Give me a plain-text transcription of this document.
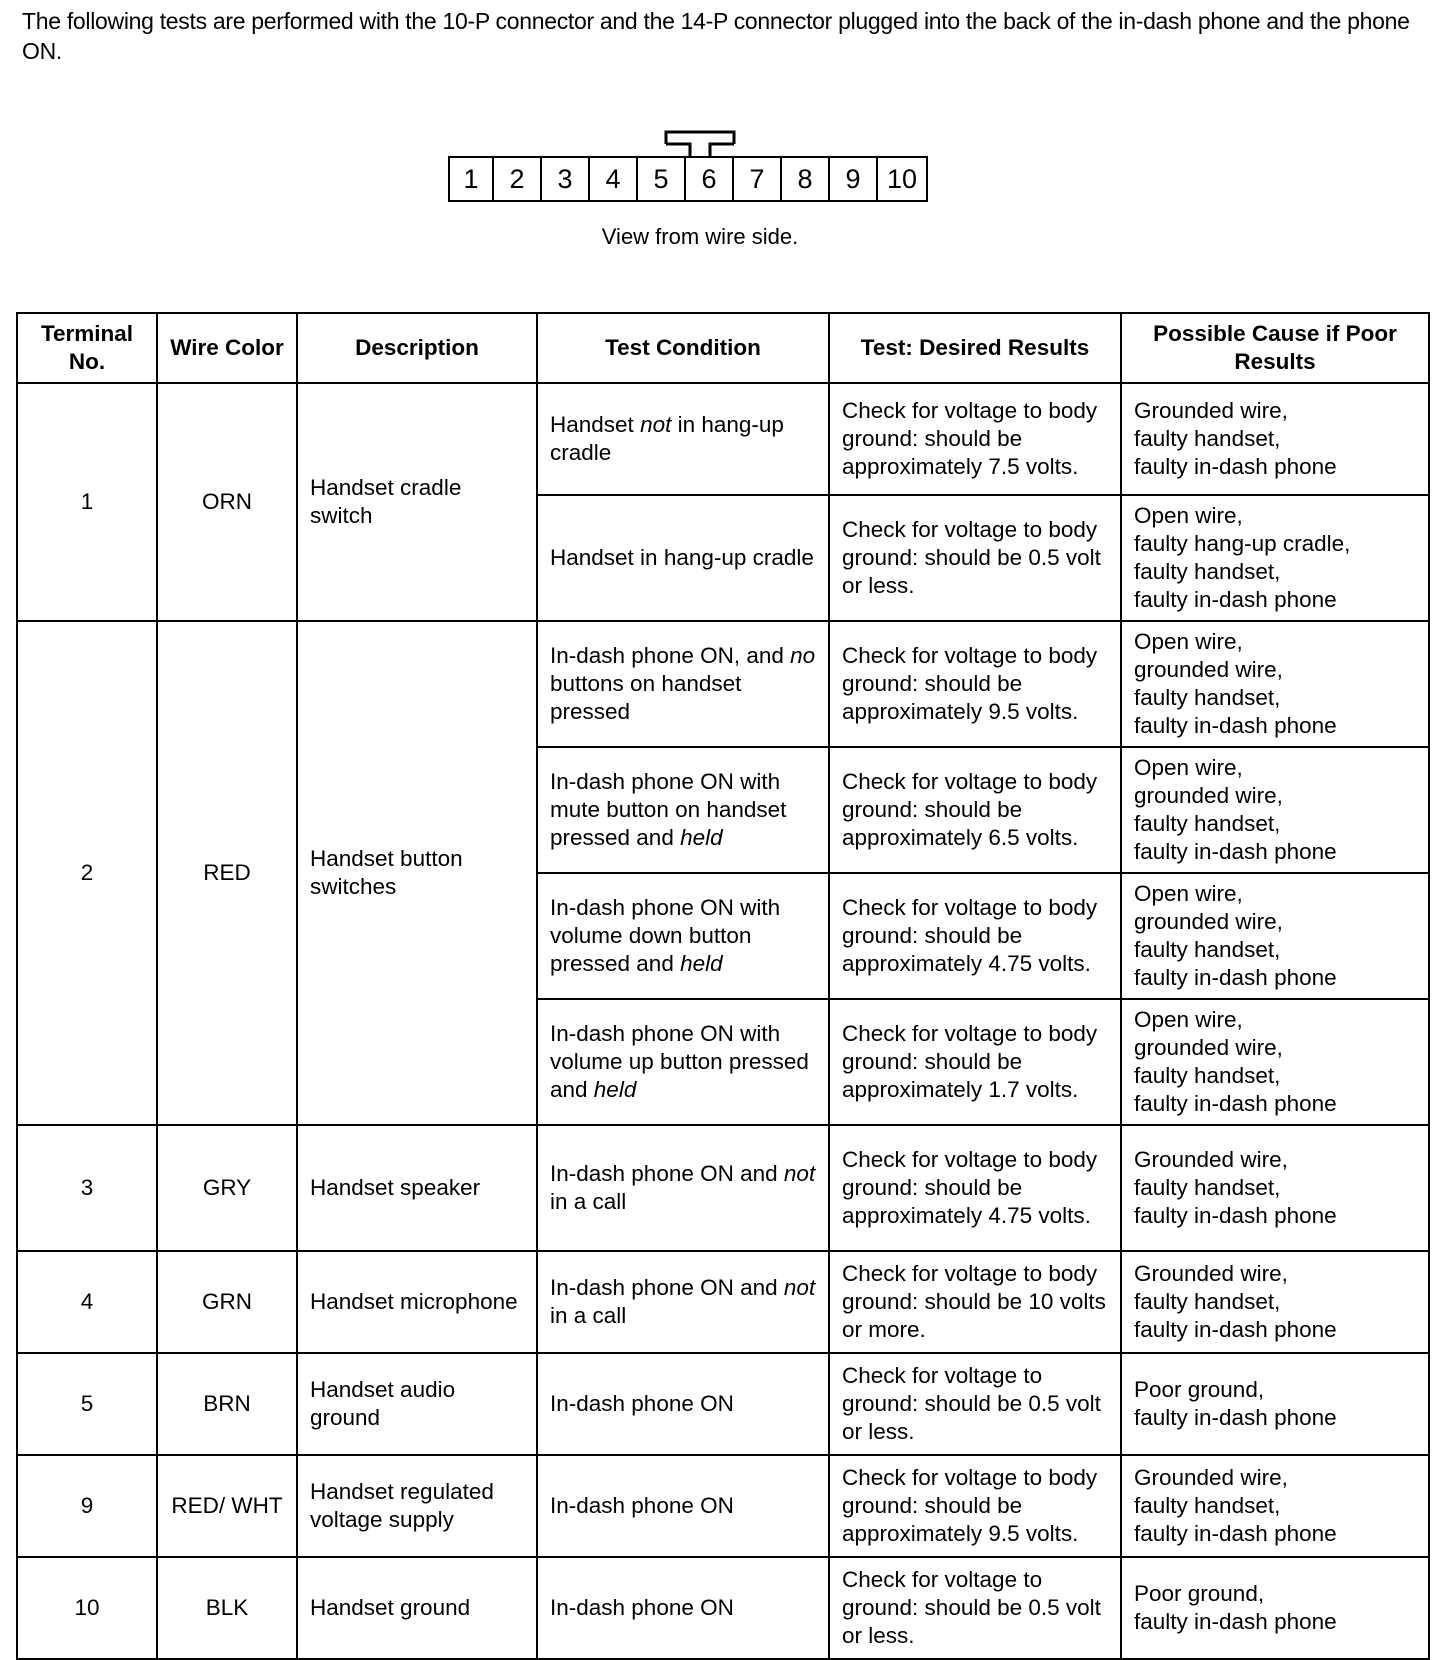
The following tests are performed with the 10-P connector and the 14-P connector plugged into the back of the in-dash phone and the phone ON.

1	2	3	4	5	6	7	8	9 10
View from wire side.
Terminal No.	Wire Color	Description	Test Condition	Test: Desired Results	Possible Cause if Poor Results
1	ORN	Handset cradle switch	Handset not in hang-up cradle	Check for voltage to body ground: should be approximately 7.5 volts.	Grounded wire,
faulty handset,
faulty in-dash phone

			Handset in hang-up cradle	Check for voltage to body ground: should be 0.5 volt or less.	Open wire,
faulty hang-up cradle,
faulty handset,
faulty in-dash phone

2	RED	Handset button switches	In-dash phone ON, and no buttons on handset pressed	Check for voltage to body ground: should be approximately 9.5 volts.	Open wire,
grounded wire,
faulty handset,
faulty in-dash phone

			In-dash phone ON with mute button on handset pressed and held	Check for voltage to body ground: should be approximately 6.5 volts.	Open wire,
grounded wire,
faulty handset,
faulty in-dash phone

			In-dash phone ON with volume down button pressed and held	Check for voltage to body ground: should be approximately 4.75 volts.	Open wire,
grounded wire,
faulty handset,
faulty in-dash phone

			In-dash phone ON with volume up button pressed and held	Check for voltage to body ground: should be approximately 1.7 volts.	Open wire,
grounded wire,
faulty handset,
faulty in-dash phone

3	GRY	Handset speaker	In-dash phone ON and not in a call	Check for voltage to body ground: should be approximately 4.75 volts.	Grounded wire,
faulty handset,
faulty in-dash phone

4	GRN	Handset microphone	In-dash phone ON and not in a call	Check for voltage to body ground: should be 10 volts or more.	Grounded wire,
faulty handset,
faulty in-dash phone

5	BRN	Handset audio ground	In-dash phone ON	Check for voltage to ground: should be 0.5 volt or less.	Poor ground,
faulty in-dash phone

9	RED/ WHT	Handset regulated voltage supply	In-dash phone ON	Check for voltage to body ground: should be approximately 9.5 volts.	Grounded wire,
faulty handset,
faulty in-dash phone

10	BLK	Handset ground	In-dash phone ON	Check for voltage to ground: should be 0.5 volt or less.	Poor ground,
faulty in-dash phone
